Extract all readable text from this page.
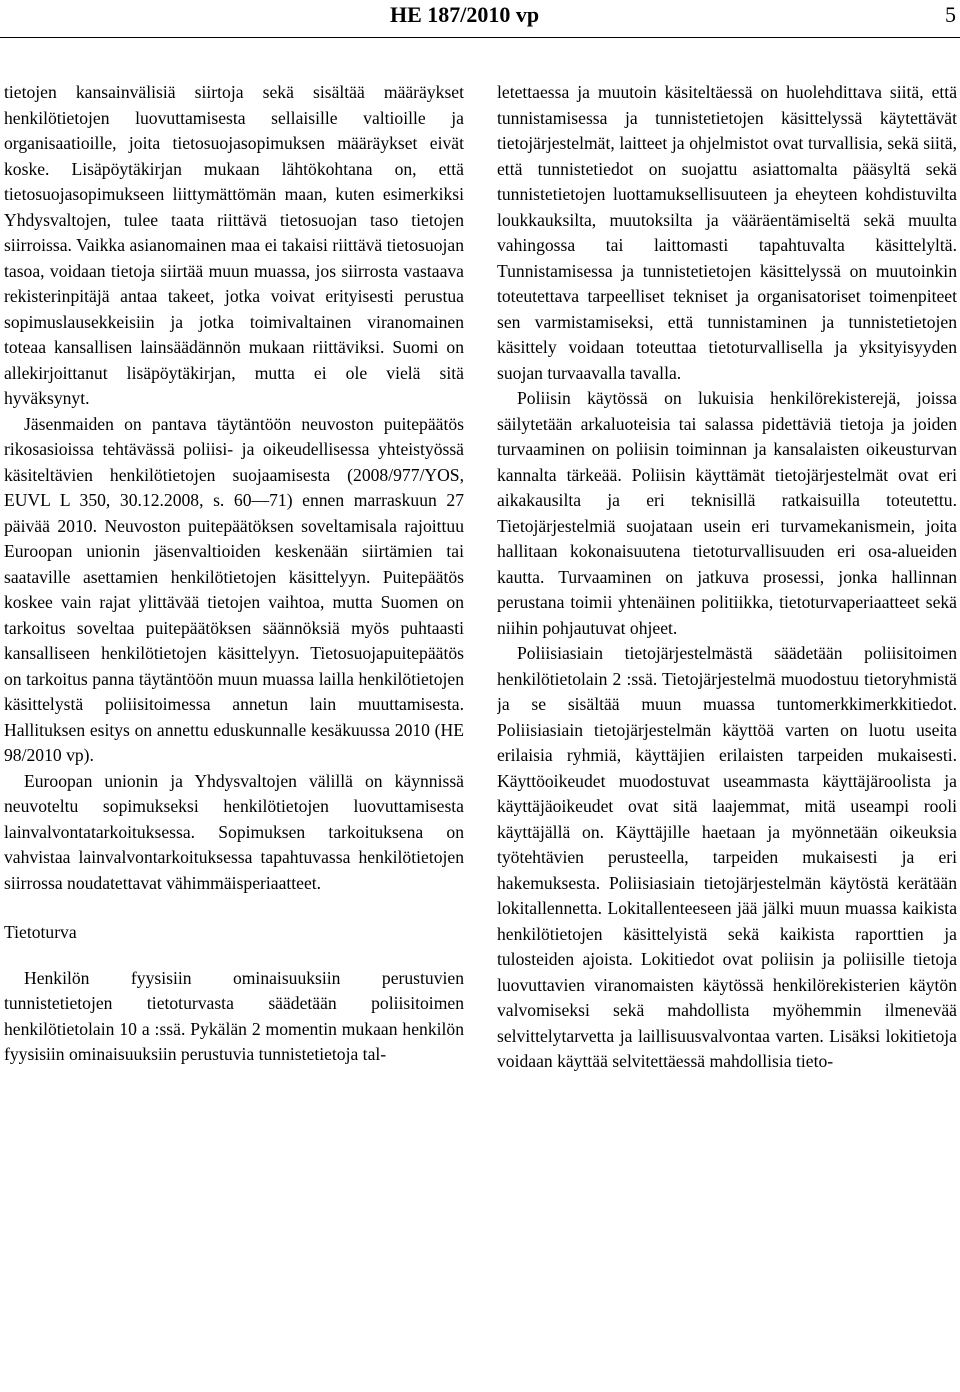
HE 187/2010 vp	5

tietojen kansainvälisiä siirtoja sekä sisältää määräykset henkilötietojen luovuttamisesta sellaisille valtioille ja organisaatioille, joita tietosuojasopimuksen määräykset eivät koske. Lisäpöytäkirjan mukaan lähtökohtana on, että tietosuojasopimukseen liittymättömän maan, kuten esimerkiksi Yhdysvaltojen, tulee taata riittävä tietosuojan taso tietojen siirroissa. Vaikka asianomainen maa ei takaisi riittävä tietosuojan tasoa, voidaan tietoja siirtää muun muassa, jos siirrosta vastaava rekisterinpitäjä antaa takeet, jotka voivat erityisesti perustua sopimuslausekkeisiin ja jotka toimivaltainen viranomainen toteaa kansallisen lainsäädännön mukaan riittäviksi. Suomi on allekirjoittanut lisäpöytäkirjan, mutta ei ole vielä sitä hyväksynyt.

Jäsenmaiden on pantava täytäntöön neuvoston puitepäätös rikosasioissa tehtävässä poliisi- ja oikeudellisessa yhteistyössä käsiteltävien henkilötietojen suojaamisesta (2008/977/YOS, EUVL L 350, 30.12.2008, s. 60—71) ennen marraskuun 27 päivää 2010. Neuvoston puitepäätöksen soveltamisala rajoittuu Euroopan unionin jäsenvaltioiden keskenään siirtämien tai saataville asettamien henkilötietojen käsittelyyn. Puitepäätös koskee vain rajat ylittävää tietojen vaihtoa, mutta Suomen on tarkoitus soveltaa puitepäätöksen säännöksiä myös puhtaasti kansalliseen henkilötietojen käsittelyyn. Tietosuojapuitepäätös on tarkoitus panna täytäntöön muun muassa lailla henkilötietojen käsittelystä poliisitoimessa annetun lain muuttamisesta. Hallituksen esitys on annettu eduskunnalle kesäkuussa 2010 (HE 98/2010 vp).

Euroopan unionin ja Yhdysvaltojen välillä on käynnissä neuvoteltu sopimukseksi henkilötietojen luovuttamisesta lainvalvontatarkoituksessa. Sopimuksen tarkoituksena on vahvistaa lainvalvontarkoituksessa tapahtuvassa henkilötietojen siirrossa noudatettavat vähimmäisperiaatteet.

Tietoturva

Henkilön fyysisiin ominaisuuksiin perustuvien tunnistetietojen tietoturvasta säädetään poliisitoimen henkilötietolain 10 a :ssä. Pykälän 2 momentin mukaan henkilön fyysisiin ominaisuuksiin perustuvia tunnistetietoja tal-

letettaessa ja muutoin käsiteltäessä on huolehdittava siitä, että tunnistamisessa ja tunnistetietojen käsittelyssä käytettävät tietojärjestelmät, laitteet ja ohjelmistot ovat turvallisia, sekä siitä, että tunnistetiedot on suojattu asiattomalta pääsyltä sekä tunnistetietojen luottamuksellisuuteen ja eheyteen kohdistuvilta loukkauksilta, muutoksilta ja vääräentämiseltä sekä muulta vahingossa tai laittomasti tapahtuvalta käsittelyltä. Tunnistamisessa ja tunnistetietojen käsittelyssä on muutoinkin toteutettava tarpeelliset tekniset ja organisatoriset toimenpiteet sen varmistamiseksi, että tunnistaminen ja tunnistetietojen käsittely voidaan toteuttaa tietoturvallisella ja yksityisyyden suojan turvaavalla tavalla.

Poliisin käytössä on lukuisia henkilörekisterejä, joissa säilytetään arkaluoteisia tai salassa pidettäviä tietoja ja joiden turvaaminen on poliisin toiminnan ja kansalaisten oikeusturvan kannalta tärkeää. Poliisin käyttämät tietojärjestelmät ovat eri aikakausilta ja eri teknisillä ratkaisuilla toteutettu. Tietojärjestelmiä suojataan usein eri turvamekanismein, joita hallitaan kokonaisuutena tietoturvallisuuden eri osa-alueiden kautta. Turvaaminen on jatkuva prosessi, jonka hallinnan perustana toimii yhtenäinen politiikka, tietoturvaperiaatteet sekä niihin pohjautuvat ohjeet.

Poliisiasiain tietojärjestelmästä säädetään poliisitoimen henkilötietolain 2 :ssä. Tietojärjestelmä muodostuu tietoryhmistä ja se sisältää muun muassa tuntomerkkimerkkitiedot. Poliisiasiain tietojärjestelmän käyttöä varten on luotu useita erilaisia ryhmiä, käyttäjien erilaisten tarpeiden mukaisesti. Käyttöoikeudet muodostuvat useammasta käyttäjäroolista ja käyttäjäoikeudet ovat sitä laajemmat, mitä useampi rooli käyttäjällä on. Käyttäjille haetaan ja myönnetään oikeuksia työtehtävien perusteella, tarpeiden mukaisesti ja eri hakemuksesta. Poliisiasiain tietojärjestelmän käytöstä kerätään lokitallennetta. Lokitallenteeseen jää jälki muun muassa kaikista henkilötietojen käsittelyistä sekä kaikista raporttien ja tulosteiden ajoista. Lokitiedot ovat poliisin ja poliisille tietoja luovuttavien viranomaisten käytössä henkilörekisterien käytön valvomiseksi sekä mahdollista myöhemmin ilmenevää selvittelytarvetta ja laillisuusvalvontaa varten. Lisäksi lokitietoja voidaan käyttää selvitettäessä mahdollisia tieto-
